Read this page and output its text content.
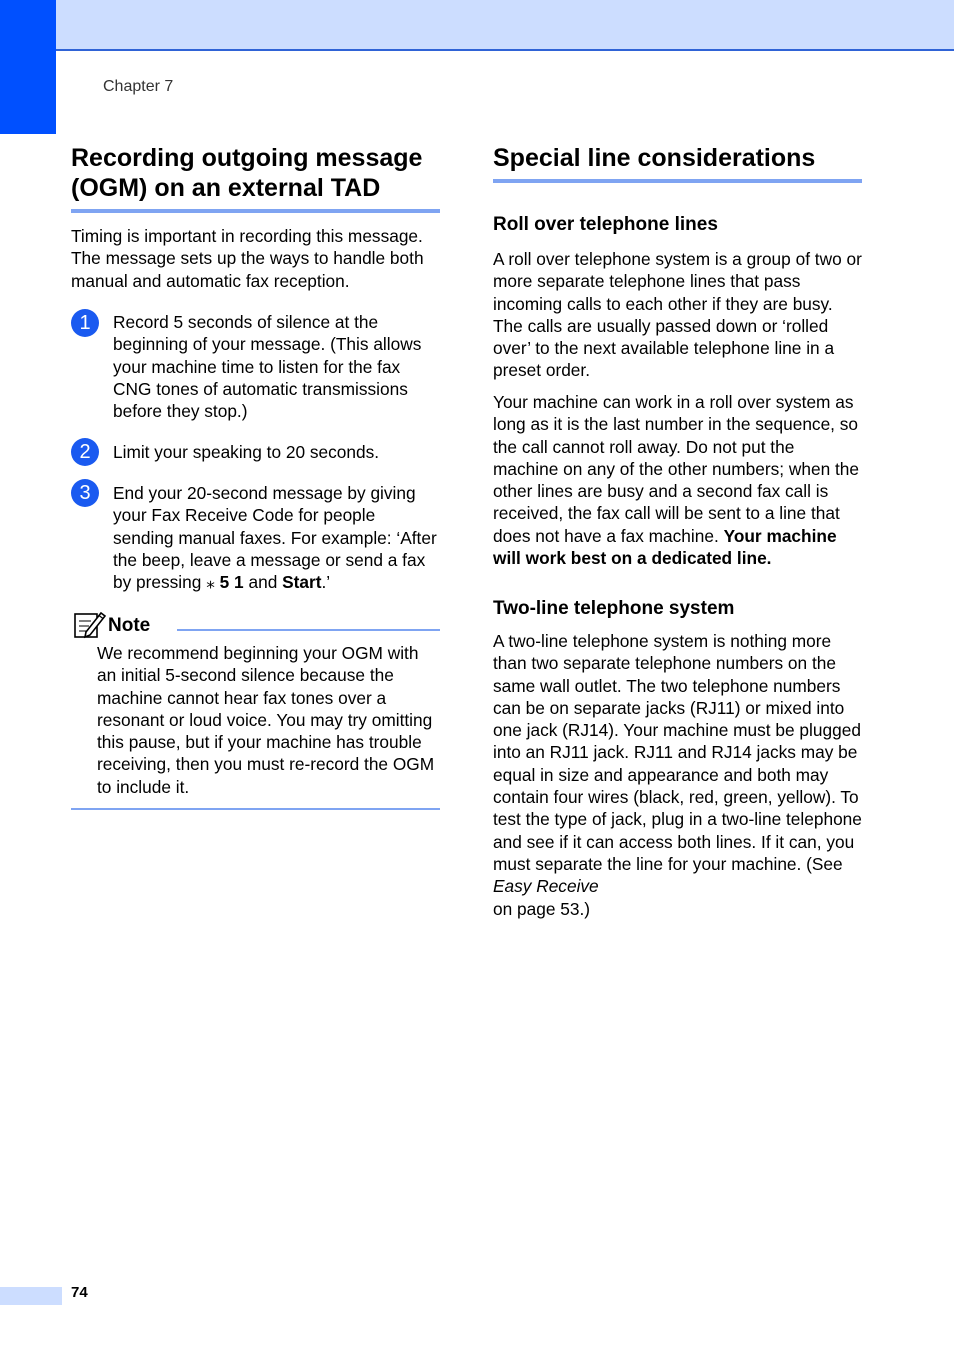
Chapter 7
Recording outgoing message (OGM) on an external TAD

Timing is important in recording this message. The message sets up the ways to handle both manual and automatic fax reception.

1	Record 5 seconds of silence at the beginning of your message. (This allows your machine time to listen for the fax CNG tones of automatic transmissions before they stop.)

2	Limit your speaking to 20 seconds.

3	End your 20-second message by giving your Fax Receive Code for people sending manual faxes. For example: ‘After the beep, leave a message or send a fax by pressing ⁎ 5 1 and Start.’

Note

We recommend beginning your OGM with an initial 5-second silence because the machine cannot hear fax tones over a resonant or loud voice. You may try omitting this pause, but if your machine has trouble receiving, then you must re-record the OGM to include it.

Special line considerations
Roll over telephone lines

A roll over telephone system is a group of two or more separate telephone lines that pass incoming calls to each other if they are busy. The calls are usually passed down or ‘rolled over’ to the next available telephone line in a preset order.

Your machine can work in a roll over system as long as it is the last number in the sequence, so the call cannot roll away. Do not put the machine on any of the other numbers; when the other lines are busy and a second fax call is received, the fax call will be sent to a line that does not have a fax machine. Your machine will work best on a dedicated line.

Two-line telephone system

A two-line telephone system is nothing more than two separate telephone numbers on the same wall outlet. The two telephone numbers can be on separate jacks (RJ11) or mixed into one jack (RJ14). Your machine must be plugged into an RJ11 jack. RJ11 and RJ14 jacks may be equal in size and appearance and both may contain four wires (black, red, green, yellow). To test the type of jack, plug in a two-line telephone and see if it can access both lines. If it can, you must separate the line for your machine. (See Easy Receive
on page 53.)

74
